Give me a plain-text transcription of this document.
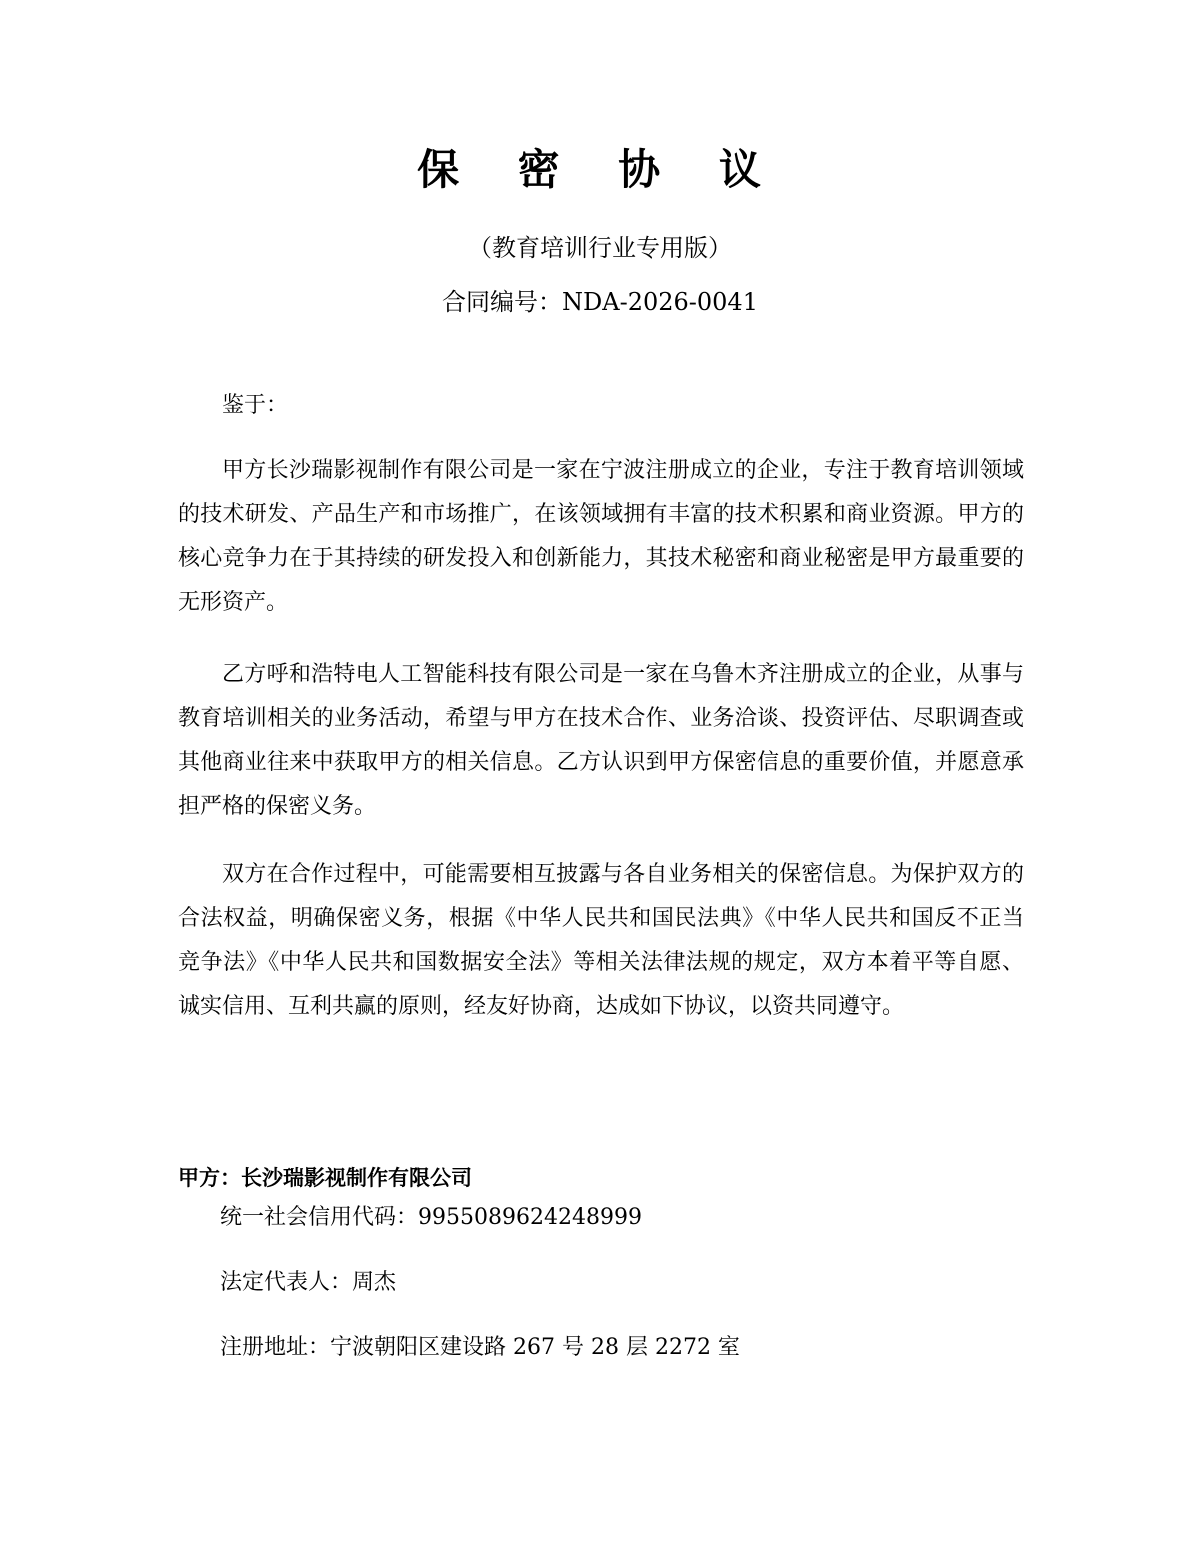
保 密 协 议
（教育培训行业专用版）
合同编号：NDA-2026-0041

鉴于：

甲方长沙瑞影视制作有限公司是一家在宁波注册成立的企业，专注于教育培训领域的技术研发、产品生产和市场推广，在该领域拥有丰富的技术积累和商业资源。甲方的核心竞争力在于其持续的研发投入和创新能力，其技术秘密和商业秘密是甲方最重要的无形资产。

乙方呼和浩特电人工智能科技有限公司是一家在乌鲁木齐注册成立的企业，从事与教育培训相关的业务活动，希望与甲方在技术合作、业务洽谈、投资评估、尽职调查或其他商业往来中获取甲方的相关信息。乙方认识到甲方保密信息的重要价值，并愿意承担严格的保密义务。

双方在合作过程中，可能需要相互披露与各自业务相关的保密信息。为保护双方的合法权益，明确保密义务，根据《中华人民共和国民法典》《中华人民共和国反不正当竞争法》《中华人民共和国数据安全法》等相关法律法规的规定，双方本着平等自愿、诚实信用、互利共赢的原则，经友好协商，达成如下协议，以资共同遵守。

甲方：长沙瑞影视制作有限公司
统一社会信用代码：9955089624248999
法定代表人：周杰
注册地址：宁波朝阳区建设路 267 号 28 层 2272 室
